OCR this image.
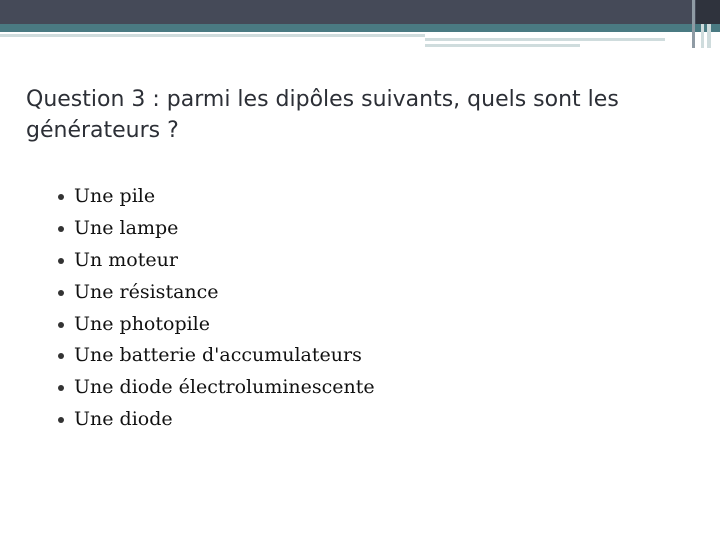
Question 3 : parmi les dipôles suivants, quels sont les générateurs ?
Une pile
Une lampe
Un moteur
Une résistance
Une photopile
Une batterie d'accumulateurs
Une diode électroluminescente
Une diode
